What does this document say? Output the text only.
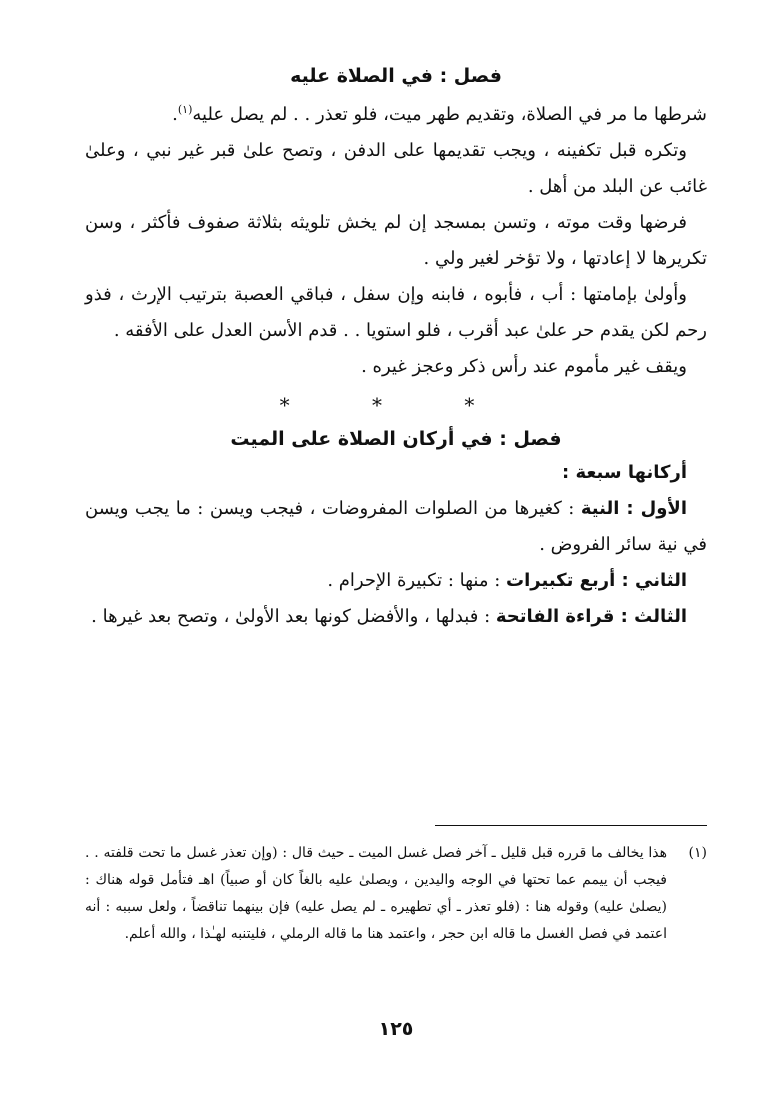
فصل : في الصلاة عليه

شرطها ما مر في الصلاة، وتقديم طهر ميت، فلو تعذر . . لم يصل عليه$^{(١)}$.

وتكره قبل تكفينه ، ويجب تقديمها على الدفن ، وتصح علىٰ قبر غير نبي ، وعلىٰ غائب عن البلد من أهل .

فرضها وقت موته ، وتسن بمسجد إن لم يخش تلويثه بثلاثة صفوف فأكثر ، وسن تكريرها لا إعادتها ، ولا تؤخر لغير ولي .

وأولىٰ بإمامتها : أب ، فأبوه ، فابنه وإن سفل ، فباقي العصبة بترتيب الإرث ، فذو رحم لكن يقدم حر علىٰ عبد أقرب ، فلو استويا . . قدم الأسن العدل على الأفقه .

ويقف غير مأموم عند رأس ذكر وعجز غيره .

* * *
فصل : في أركان الصلاة على الميت

أركانها سبعة :

الأول : النية : كغيرها من الصلوات المفروضات ، فيجب ويسن : ما يجب ويسن في نية سائر الفروض .

الثاني : أربع تكبيرات : منها : تكبيرة الإحرام .

الثالث : قراءة الفاتحة : فبدلها ، والأفضل كونها بعد الأولىٰ ، وتصح بعد غيرها .

(١)
هذا يخالف ما قرره قبل قليل ـ آخر فصل غسل الميت ـ حيث قال : (وإن تعذر غسل ما تحت قلفته . . فيجب أن ييمم عما تحتها في الوجه واليدين ، ويصلىٰ عليه بالغاً كان أو صبياً) اهـ فتأمل قوله هناك : (يصلىٰ عليه) وقوله هنا : (فلو تعذر ـ أي تطهيره ـ لم يصل عليه) فإن بينهما تناقضاً ، ولعل سببه : أنه اعتمد في فصل الغسل ما قاله ابن حجر ، واعتمد هنا ما قاله الرملي ، فليتنبه لهـٰذا ، والله أعلم.
١٢٥
